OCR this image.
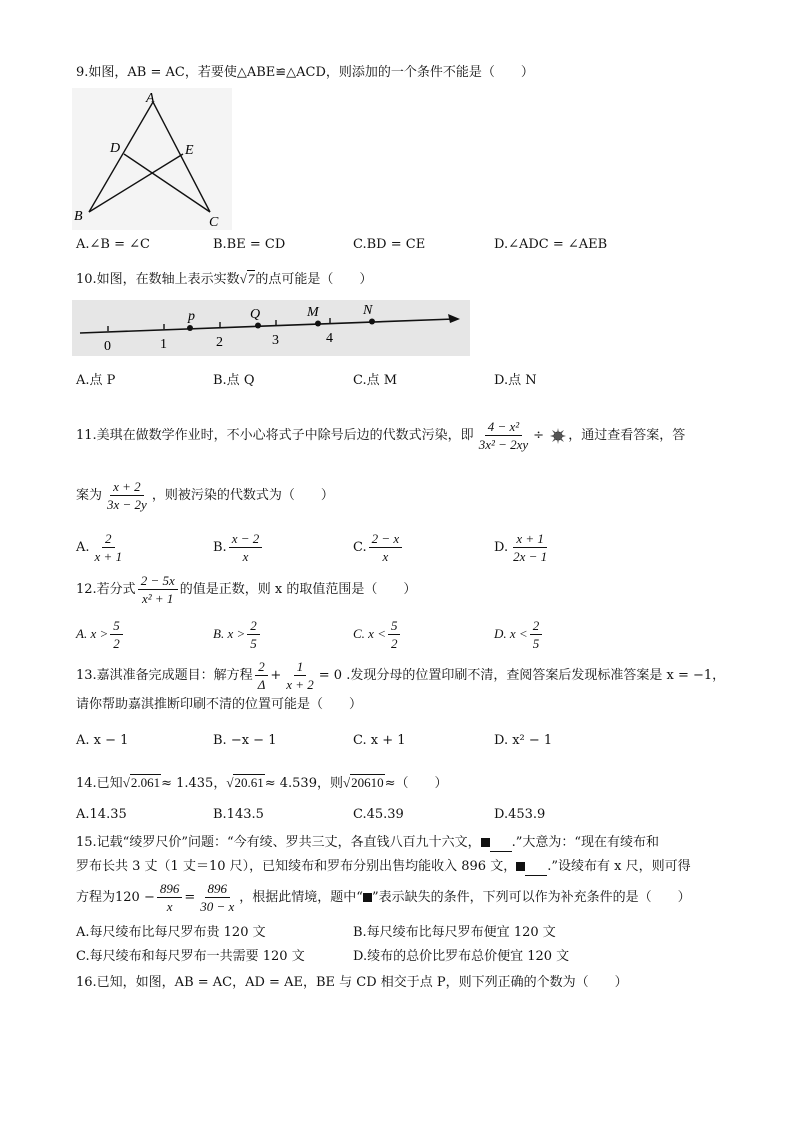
9.如图，AB = AC，若要使△ABE≌△ACD，则添加的一个条件不能是（　　）
A
D	E
B	C
A.∠B = ∠C	B.BE = CD	C.BD = CE	D.∠ADC = ∠AEB
10.如图，在数轴上表示实数√7的点可能是（　　）
p	Q	M	N
0	1	2	3	4
A.点 P	B.点 Q	C.点 M	D.点 N
11.美琪在做数学作业时，不小心将式子中除号后边的代数式污染，即 $\frac{\text{4 − x²}}{\text{3x² − 2xy}}$ ÷ ，通过查看答案，答
案为 $\frac{x + 2}{3x - 2y}$ ，则被污染的代数式为（　　）
A. $\frac{2}{x + 1}$	B. $\frac{x - 2}{x}$	C. $\frac{2 - x}{x}$	D. $\frac{x + 1}{2x - 1}$
12.若分式 $\frac{2 - 5x}{\text{x² + 1}}$ 的值是正数，则 x 的取值范围是（　　）
A. $x > \frac{5}{2}$	B. $x > \frac{2}{5}$	C. $x < \frac{5}{2}$	D. $x < \frac{2}{5}$
13.嘉淇准备完成题目：解方程 $\frac{2}{\Delta} + \frac{1}{x + 2} = 0$ .发现分母的位置印刷不清，查阅答案后发现标准答案是 x = −1，
请你帮助嘉淇推断印刷不清的位置可能是（　　）
A. x − 1	B. −x − 1	C. x + 1	D. x² − 1
14.已知√2.061≈ 1.435，√20.61≈ 4.539，则√20610≈（　　）
A.14.35	B.143.5	C.45.39	D.453.9
15.记载“绫罗尺价”问题：“今有绫、罗共三丈，各直钱八百九十六文， .”大意为：“现在有绫布和
罗布长共 3 丈（1 丈＝10 尺），已知绫布和罗布分别出售均能收入 896 文， .”设绫布有 x 尺，则可得
方程为$120 - \frac{896}{x} = \frac{896}{30 - x}$ ，根据此情境，题中“ ”表示缺失的条件，下列可以作为补充条件的是（　　）
A.每尺绫布比每尺罗布贵 120 文	B.每尺绫布比每尺罗布便宜 120 文
C.每尺绫布和每尺罗布一共需要 120 文	D.绫布的总价比罗布总价便宜 120 文
16.已知，如图，AB = AC，AD = AE，BE 与 CD 相交于点 P，则下列正确的个数为（　　）
